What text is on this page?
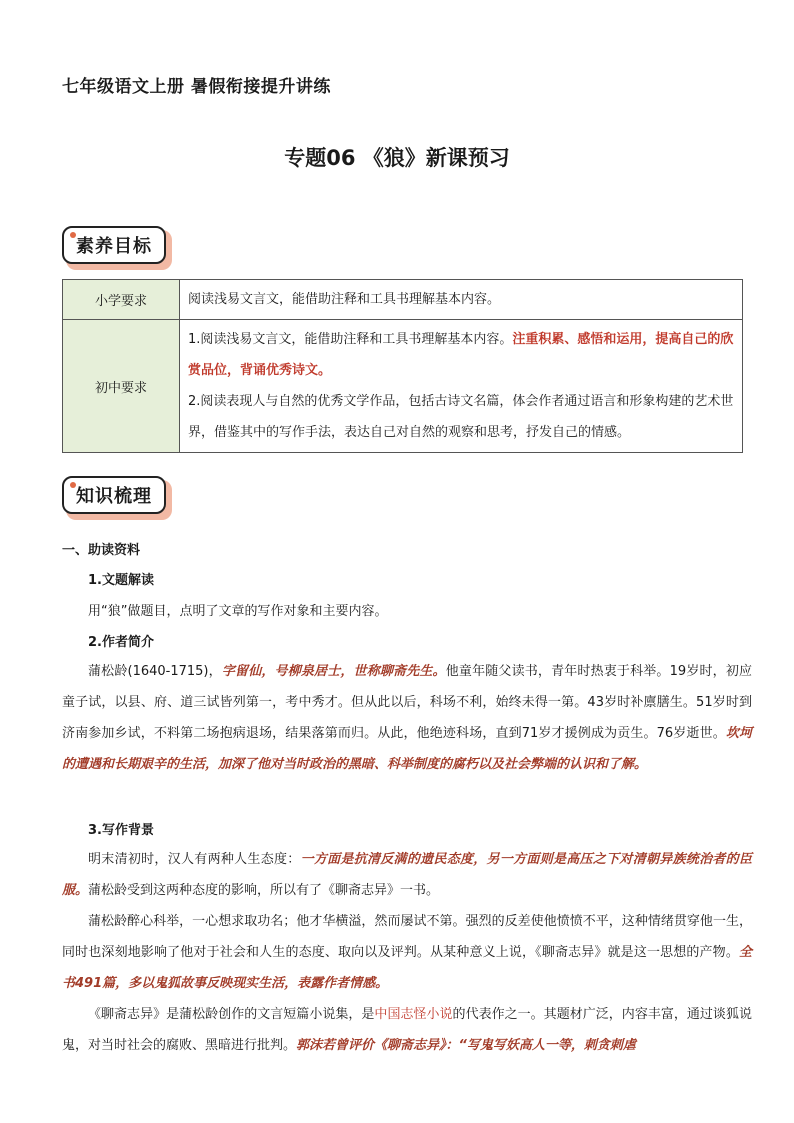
七年级语文上册 暑假衔接提升讲练
专题06 《狼》新课预习
素养目标
小学要求	阅读浅易文言文，能借助注释和工具书理解基本内容。
初中要求	1.阅读浅易文言文，能借助注释和工具书理解基本内容。注重积累、感悟和运用，提高自己的欣赏品位，背诵优秀诗文。
2.阅读表现人与自然的优秀文学作品，包括古诗文名篇，体会作者通过语言和形象构建的艺术世界，借鉴其中的写作手法，表达自己对自然的观察和思考，抒发自己的情感。
知识梳理
一、助读资料
1.文题解读
用“狼”做题目，点明了文章的写作对象和主要内容。
2.作者简介
蒲松龄(1640-1715)，字留仙，号柳泉居士，世称聊斋先生。他童年随父读书，青年时热衷于科举。19岁时，初应童子试，以县、府、道三试皆列第一，考中秀才。但从此以后，科场不利，始终未得一第。43岁时补廪膳生。51岁时到济南参加乡试，不料第二场抱病退场，结果落第而归。从此，他绝迹科场，直到71岁才援例成为贡生。76岁逝世。坎坷的遭遇和长期艰辛的生活，加深了他对当时政治的黑暗、科举制度的腐朽以及社会弊端的认识和了解。
3.写作背景
明末清初时，汉人有两种人生态度：一方面是抗清反满的遗民态度，另一方面则是高压之下对清朝异族统治者的臣服。蒲松龄受到这两种态度的影响，所以有了《聊斋志异》一书。
蒲松龄醉心科举，一心想求取功名；他才华横溢，然而屡试不第。强烈的反差使他愤愤不平，这种情绪贯穿他一生，同时也深刻地影响了他对于社会和人生的态度、取向以及评判。从某种意义上说，《聊斋志异》就是这一思想的产物。全书491篇，多以鬼狐故事反映现实生活，表露作者情感。
《聊斋志异》是蒲松龄创作的文言短篇小说集，是中国志怪小说的代表作之一。其题材广泛，内容丰富，通过谈狐说鬼，对当时社会的腐败、黑暗进行批判。郭沫若曾评价《聊斋志异》：“写鬼写妖高人一等，刺贪刺虐
